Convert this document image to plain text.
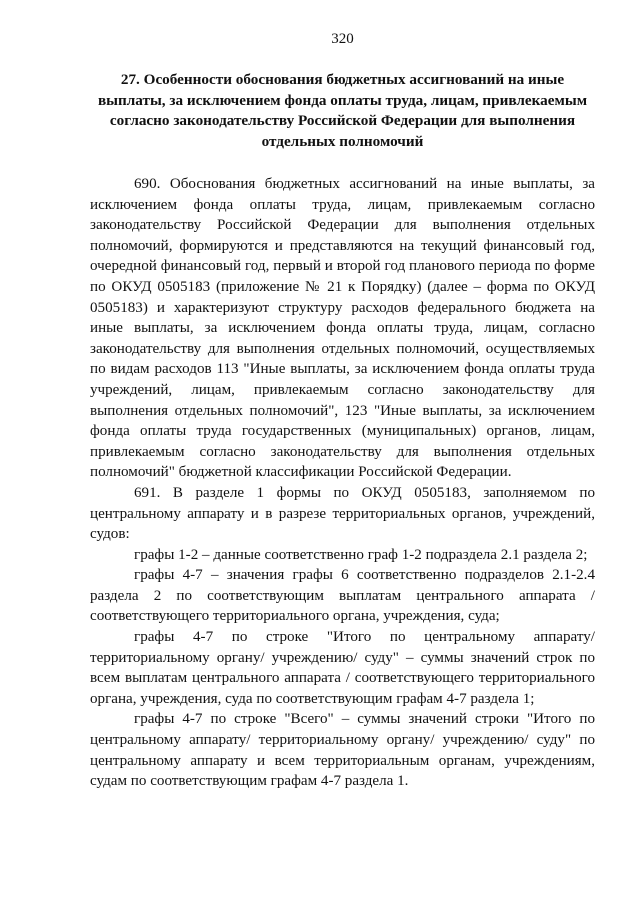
320
27. Особенности обоснования бюджетных ассигнований на иные выплаты, за исключением фонда оплаты труда, лицам, привлекаемым согласно законодательству Российской Федерации для выполнения отдельных полномочий

690. Обоснования бюджетных ассигнований на иные выплаты, за исключением фонда оплаты труда, лицам, привлекаемым согласно законодательству Российской Федерации для выполнения отдельных полномочий, формируются и представляются на текущий финансовый год, очередной финансовый год, первый и второй год планового периода по форме по ОКУД 0505183 (приложение № 21 к Порядку) (далее – форма по ОКУД 0505183) и характеризуют структуру расходов федерального бюджета на иные выплаты, за исключением фонда оплаты труда, лицам, согласно законодательству для выполнения отдельных полномочий, осуществляемых по видам расходов 113 "Иные выплаты, за исключением фонда оплаты труда учреждений, лицам, привлекаемым согласно законодательству для выполнения отдельных полномочий", 123 "Иные выплаты, за исключением фонда оплаты труда государственных (муниципальных) органов, лицам, привлекаемым согласно законодательству для выполнения отдельных полномочий" бюджетной классификации Российской Федерации.

691. В разделе 1 формы по ОКУД 0505183, заполняемом по центральному аппарату и в разрезе территориальных органов, учреждений, судов:

графы 1-2 – данные соответственно граф 1-2 подраздела 2.1 раздела 2;

графы 4-7 – значения графы 6 соответственно подразделов 2.1-2.4 раздела 2 по соответствующим выплатам центрального аппарата / соответствующего территориального органа, учреждения, суда;

графы 4-7 по строке "Итого по центральному аппарату/ территориальному органу/ учреждению/ суду" – суммы значений строк по всем выплатам центрального аппарата / соответствующего территориального органа, учреждения, суда по соответствующим графам 4-7 раздела 1;

графы 4-7 по строке "Всего" – суммы значений строки "Итого по центральному аппарату/ территориальному органу/ учреждению/ суду" по центральному аппарату и всем территориальным органам, учреждениям, судам по соответствующим графам 4-7 раздела 1.
